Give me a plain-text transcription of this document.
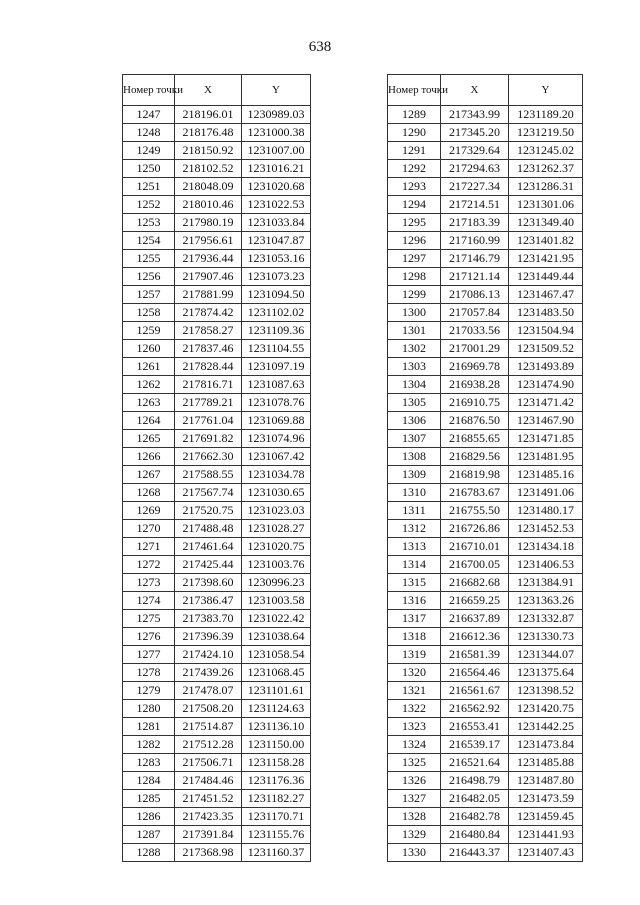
638
Номер точки	X	Y
1247	218196.01	1230989.03
1248	218176.48	1231000.38
1249	218150.92	1231007.00
1250	218102.52	1231016.21
1251	218048.09	1231020.68
1252	218010.46	1231022.53
1253	217980.19	1231033.84
1254	217956.61	1231047.87
1255	217936.44	1231053.16
1256	217907.46	1231073.23
1257	217881.99	1231094.50
1258	217874.42	1231102.02
1259	217858.27	1231109.36
1260	217837.46	1231104.55
1261	217828.44	1231097.19
1262	217816.71	1231087.63
1263	217789.21	1231078.76
1264	217761.04	1231069.88
1265	217691.82	1231074.96
1266	217662.30	1231067.42
1267	217588.55	1231034.78
1268	217567.74	1231030.65
1269	217520.75	1231023.03
1270	217488.48	1231028.27
1271	217461.64	1231020.75
1272	217425.44	1231003.76
1273	217398.60	1230996.23
1274	217386.47	1231003.58
1275	217383.70	1231022.42
1276	217396.39	1231038.64
1277	217424.10	1231058.54
1278	217439.26	1231068.45
1279	217478.07	1231101.61
1280	217508.20	1231124.63
1281	217514.87	1231136.10
1282	217512.28	1231150.00
1283	217506.71	1231158.28
1284	217484.46	1231176.36
1285	217451.52	1231182.27
1286	217423.35	1231170.71
1287	217391.84	1231155.76
1288	217368.98	1231160.37
Номер точки	X	Y
1289	217343.99	1231189.20
1290	217345.20	1231219.50
1291	217329.64	1231245.02
1292	217294.63	1231262.37
1293	217227.34	1231286.31
1294	217214.51	1231301.06
1295	217183.39	1231349.40
1296	217160.99	1231401.82
1297	217146.79	1231421.95
1298	217121.14	1231449.44
1299	217086.13	1231467.47
1300	217057.84	1231483.50
1301	217033.56	1231504.94
1302	217001.29	1231509.52
1303	216969.78	1231493.89
1304	216938.28	1231474.90
1305	216910.75	1231471.42
1306	216876.50	1231467.90
1307	216855.65	1231471.85
1308	216829.56	1231481.95
1309	216819.98	1231485.16
1310	216783.67	1231491.06
1311	216755.50	1231480.17
1312	216726.86	1231452.53
1313	216710.01	1231434.18
1314	216700.05	1231406.53
1315	216682.68	1231384.91
1316	216659.25	1231363.26
1317	216637.89	1231332.87
1318	216612.36	1231330.73
1319	216581.39	1231344.07
1320	216564.46	1231375.64
1321	216561.67	1231398.52
1322	216562.92	1231420.75
1323	216553.41	1231442.25
1324	216539.17	1231473.84
1325	216521.64	1231485.88
1326	216498.79	1231487.80
1327	216482.05	1231473.59
1328	216482.78	1231459.45
1329	216480.84	1231441.93
1330	216443.37	1231407.43
